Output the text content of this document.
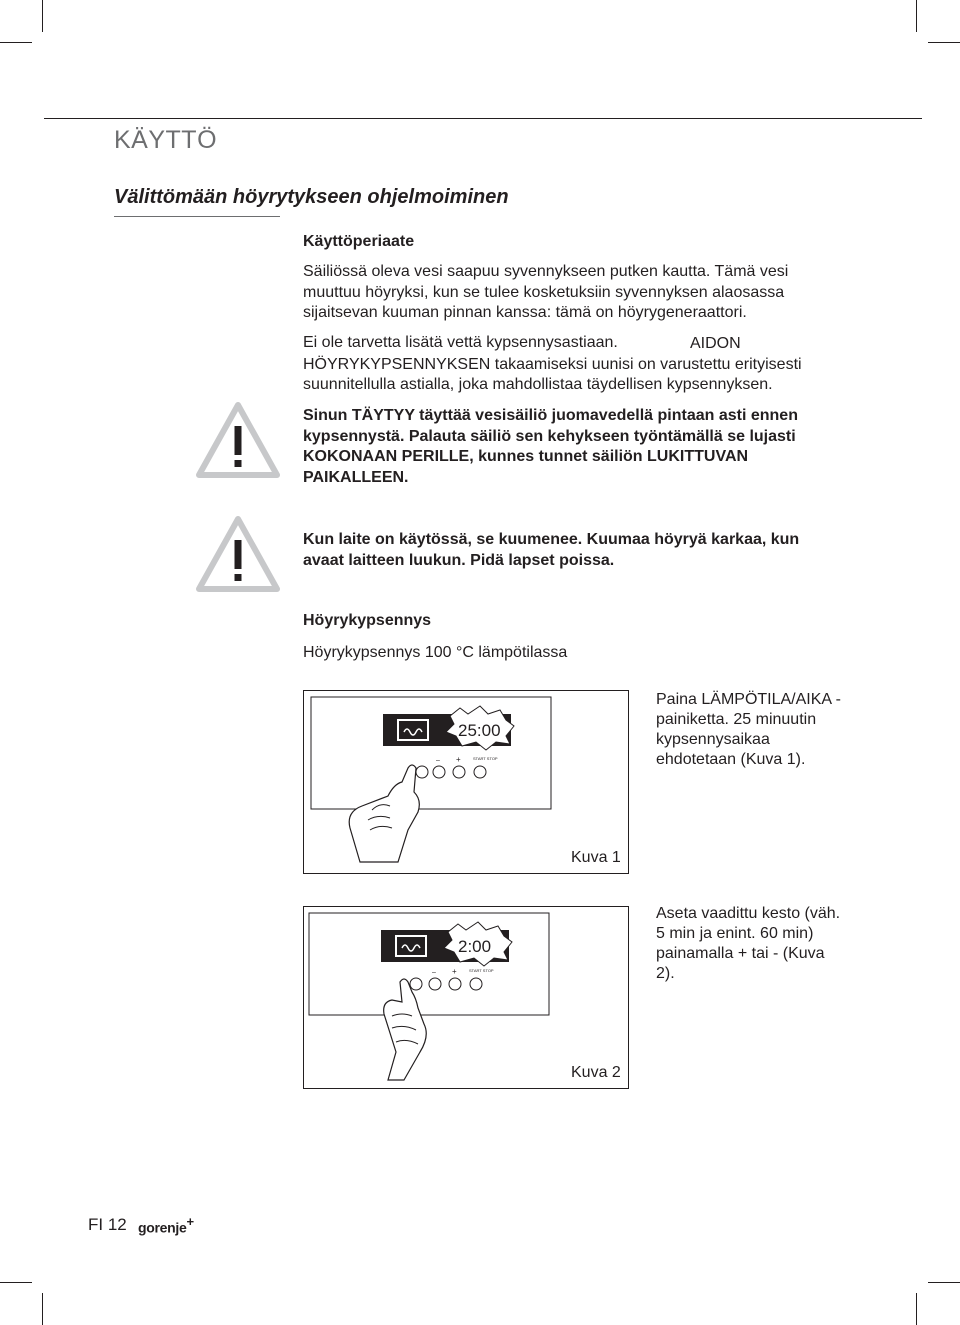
KÄYTTÖ
Välittömään höyrytykseen ohjelmoiminen
Käyttöperiaate

Säiliössä oleva vesi saapuu syvennykseen putken kautta. Tämä vesi muuttuu höyryksi, kun se tulee kosketuksiin syvennyksen alaosassa sijaitsevan kuuman pinnan kanssa: tämä on höyrygeneraattori.

Ei ole tarvetta lisätä vettä kypsennysastiaan.	AIDON HÖYRYKYPSENNYKSEN takaamiseksi uunisi on varustettu erityisesti suunnitellulla astialla, joka mahdollistaa täydellisen kypsennyksen.

Sinun TÄYTYY täyttää vesisäiliö juomavedellä pintaan asti ennen kypsennystä. Palauta säiliö sen kehykseen työntämällä se lujasti KOKONAAN PERILLE, kunnes tunnet säiliön LUKITTUVAN PAIKALLEEN.

Kun laite on käytössä, se kuumenee. Kuumaa höyryä karkaa, kun avaat laitteen luukun. Pidä lapset poissa.

Höyrykypsennys
Höyrykypsennys 100 °C lämpötilassa
25:00
– +	START STOP
Kuva 1

Paina LÄMPÖTILA/AIKA -painiketta. 25 minuutin kypsennysaikaa ehdotetaan (Kuva 1).

2:00
– +	START STOP
Kuva 2

Aseta vaadittu kesto (väh. 5 min ja enint. 60 min) painamalla + tai - (Kuva 2).

FI 12 gorenje+
